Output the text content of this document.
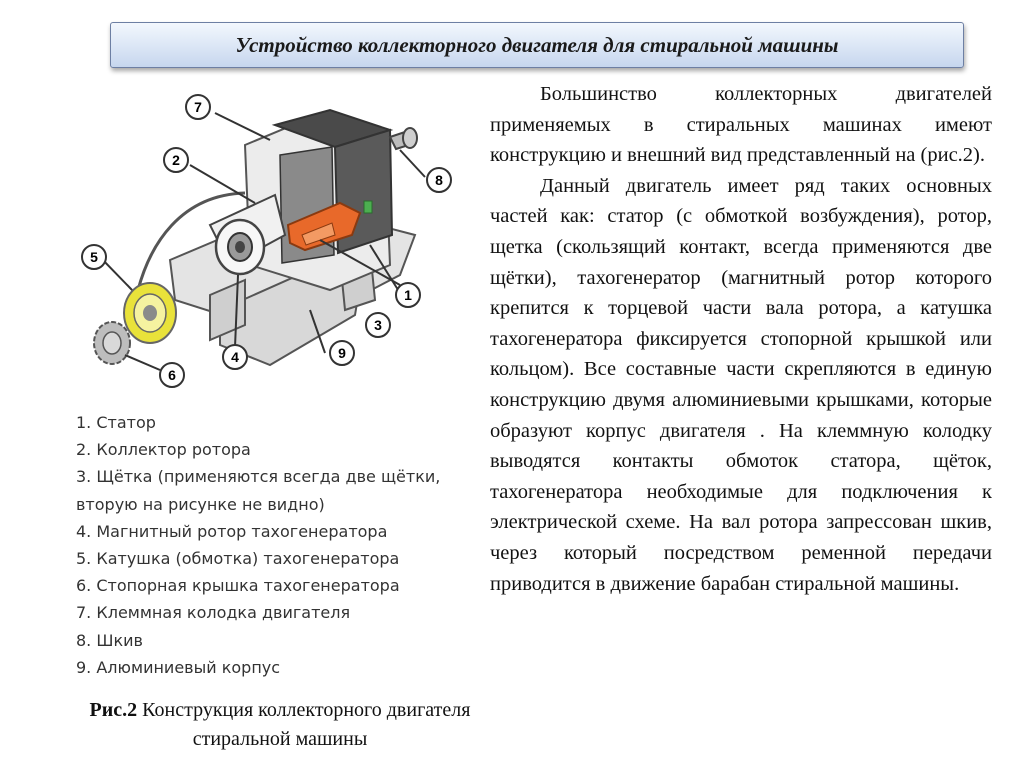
Устройство коллекторного двигателя для стиральной машины
7
2
8
5
1
3
4	9
6
1. Статор
2. Коллектор ротора
3. Щётка (применяются всегда две щётки, вторую на рисунке не видно)
4. Магнитный ротор тахогенератора
5. Катушка (обмотка) тахогенератора
6. Стопорная крышка тахогенератора
7. Клеммная колодка двигателя
8. Шкив
9. Алюминиевый корпус
Рис.2 Конструкция коллекторного двигателя стиральной машины

Большинство коллекторных двигателей применяемых в стиральных машинах имеют конструкцию и внешний вид представленный на (рис.2).

Данный двигатель имеет ряд таких основных частей как: статор (с обмоткой возбуждения), ротор, щетка (скользящий контакт, всегда применяются две щётки), тахогенератор (магнитный ротор которого крепится к торцевой части вала ротора, а катушка тахогенератора фиксируется стопорной крышкой или кольцом). Все составные части скрепляются в единую конструкцию двумя алюминиевыми крышками, которые образуют корпус двигателя . На клеммную колодку выводятся контакты обмоток статора, щёток, тахогенератора необходимые для подключения к электрической схеме. На вал ротора запрессован шкив, через который посредством ременной передачи приводится в движение барабан стиральной машины.
